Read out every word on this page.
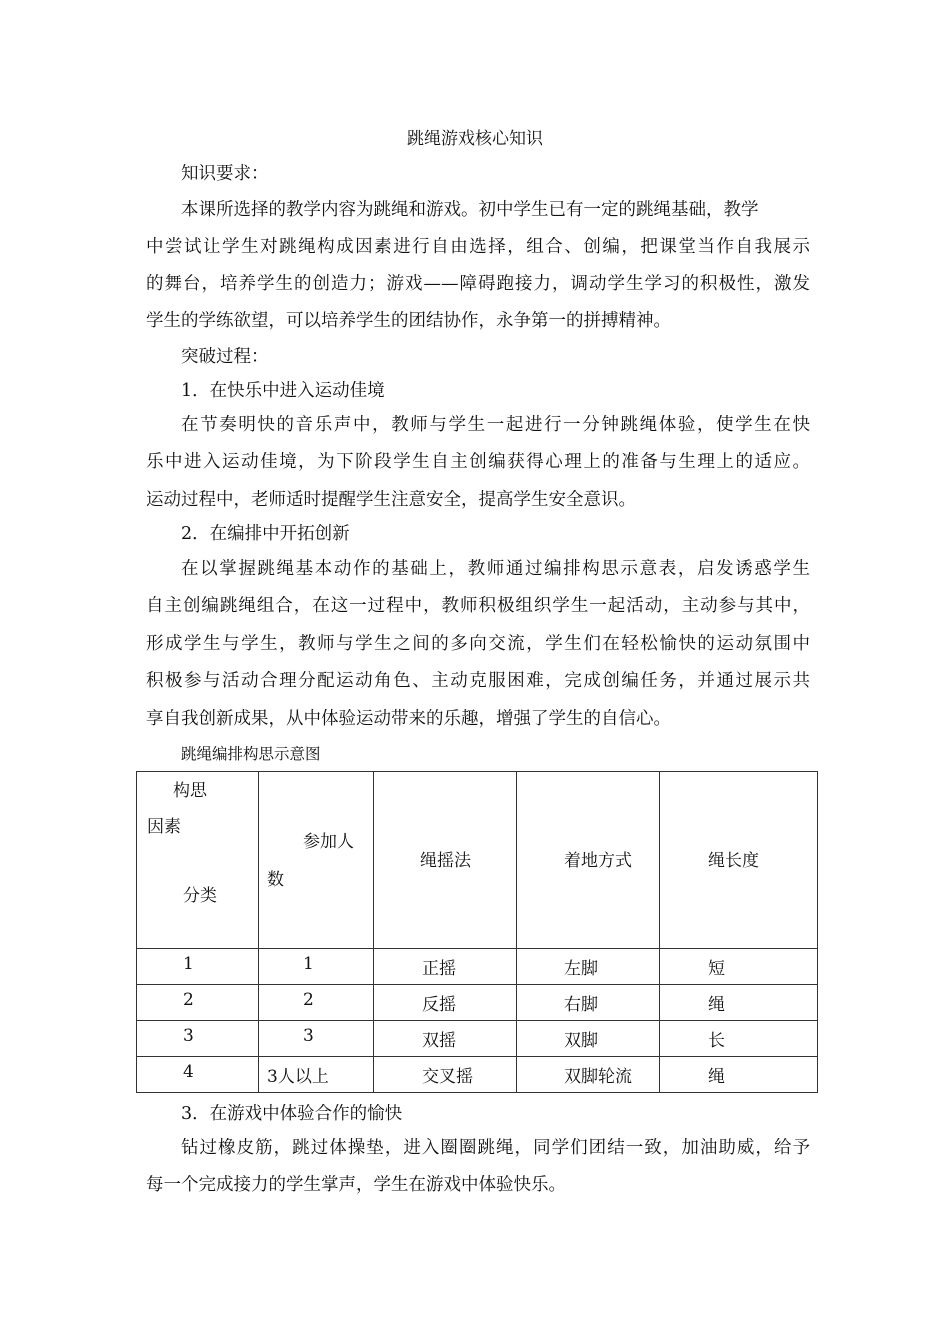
跳绳游戏核心知识
知识要求：
本课所选择的教学内容为跳绳和游戏。初中学生已有一定的跳绳基础，教学
中尝试让学生对跳绳构成因素进行自由选择，组合、创编，把课堂当作自我展示
的舞台，培养学生的创造力；游戏——障碍跑接力，调动学生学习的积极性，激发
学生的学练欲望，可以培养学生的团结协作，永争第一的拼搏精神。
突破过程：
1．在快乐中进入运动佳境
在节奏明快的音乐声中，教师与学生一起进行一分钟跳绳体验，使学生在快
乐中进入运动佳境，为下阶段学生自主创编获得心理上的准备与生理上的适应。
运动过程中，老师适时提醒学生注意安全，提高学生安全意识。
2．在编排中开拓创新
在以掌握跳绳基本动作的基础上，教师通过编排构思示意表，启发诱惑学生
自主创编跳绳组合，在这一过程中，教师积极组织学生一起活动，主动参与其中，
形成学生与学生，教师与学生之间的多向交流，学生们在轻松愉快的运动氛围中
积极参与活动合理分配运动角色、主动克服困难，完成创编任务，并通过展示共
享自我创新成果，从中体验运动带来的乐趣，增强了学生的自信心。
跳绳编排构思示意图
构思
因素
分类	参加人
数	绳摇法	着地方式	绳长度

1	1	正摇	左脚	短

2	2	反摇	右脚	绳

3	3	双摇	双脚	长

4	3人以上	交叉摇	双脚轮流	绳
3．在游戏中体验合作的愉快
钻过橡皮筋，跳过体操垫，进入圈圈跳绳，同学们团结一致，加油助威，给予
每一个完成接力的学生掌声，学生在游戏中体验快乐。
